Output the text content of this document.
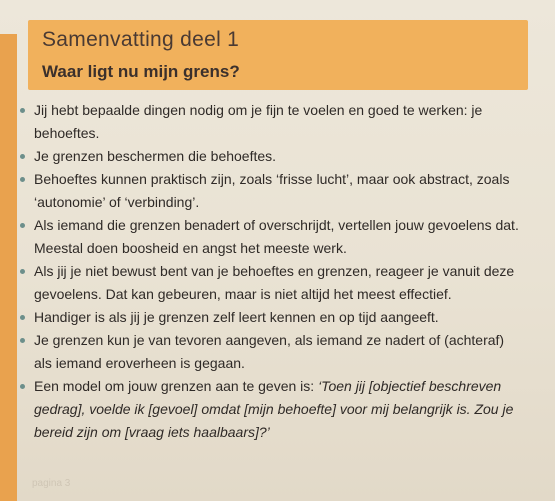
Samenvatting deel 1
Waar ligt nu mijn grens?
Jij hebt bepaalde dingen nodig om je fijn te voelen en goed te werken: je behoeftes.
Je grenzen beschermen die behoeftes.
Behoeftes kunnen praktisch zijn, zoals ‘frisse lucht’, maar ook abstract, zoals ‘autonomie’ of ‘verbinding’.
Als iemand die grenzen benadert of overschrijdt, vertellen jouw gevoelens dat. Meestal doen boosheid en angst het meeste werk.
Als jij je niet bewust bent van je behoeftes en grenzen, reageer je vanuit deze gevoelens. Dat kan gebeuren, maar is niet altijd het meest effectief.
Handiger is als jij je grenzen zelf leert kennen en op tijd aangeeft.
Je grenzen kun je van tevoren aangeven, als iemand ze nadert of (achteraf) als iemand eroverheen is gegaan.
Een model om jouw grenzen aan te geven is: ‘Toen jij [objectief beschreven gedrag], voelde ik [gevoel] omdat [mijn behoefte] voor mij belangrijk is. Zou je bereid zijn om [vraag iets haalbaars]?’
pagina 3
